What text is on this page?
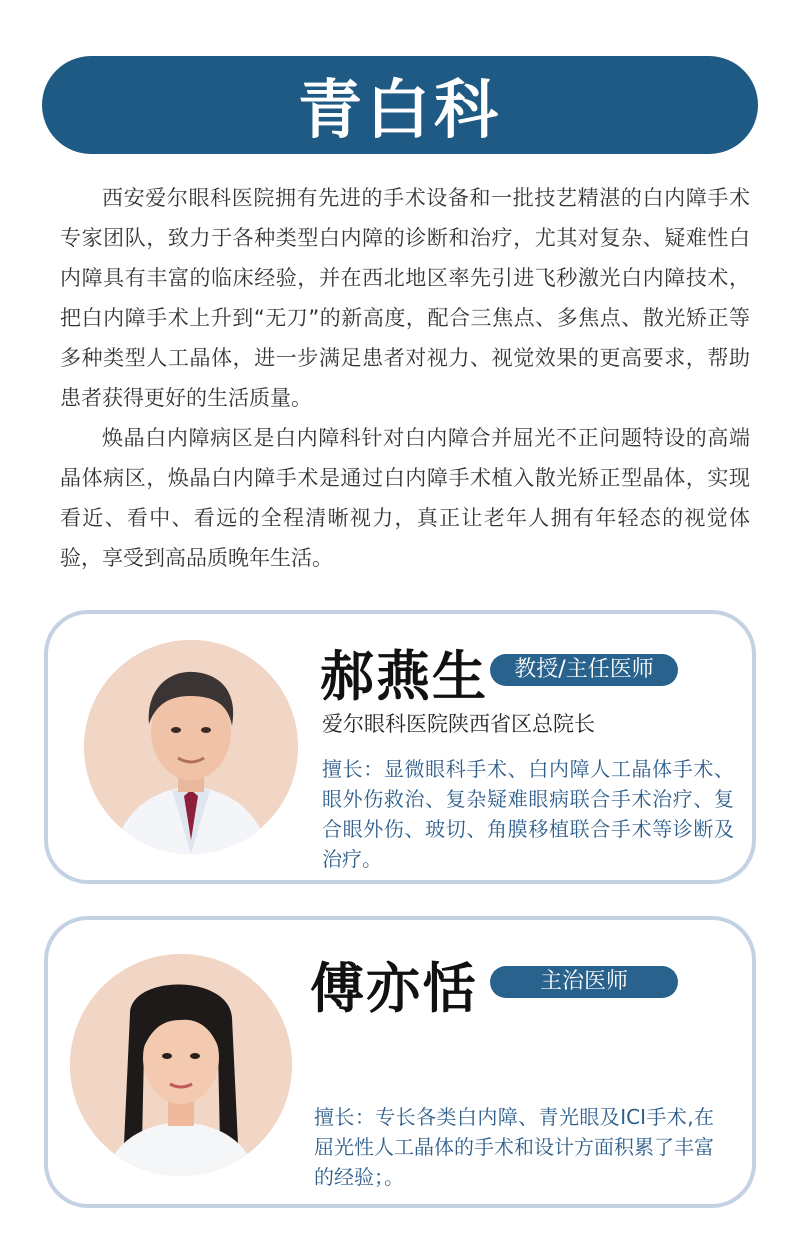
青白科

西安爱尔眼科医院拥有先进的手术设备和一批技艺精湛的白内障手术专家团队，致力于各种类型白内障的诊断和治疗，尤其对复杂、疑难性白内障具有丰富的临床经验，并在西北地区率先引进飞秒激光白内障技术，把白内障手术上升到“无刀”的新高度，配合三焦点、多焦点、散光矫正等多种类型人工晶体，进一步满足患者对视力、视觉效果的更高要求，帮助患者获得更好的生活质量。

焕晶白内障病区是白内障科针对白内障合并屈光不正问题特设的高端晶体病区，焕晶白内障手术是通过白内障手术植入散光矫正型晶体，实现看近、看中、看远的全程清晰视力，真正让老年人拥有年轻态的视觉体验，享受到高品质晚年生活。

郝燕生	教授/主任医师
爱尔眼科医院陕西省区总院长
擅长：显微眼科手术、白内障人工晶体手术、眼外伤救治、复杂疑难眼病联合手术治疗、复合眼外伤、玻切、角膜移植联合手术等诊断及治疗。
傅亦恬	主治医师
擅长：专长各类白内障、青光眼及ICI手术,在屈光性人工晶体的手术和设计方面积累了丰富的经验；。
